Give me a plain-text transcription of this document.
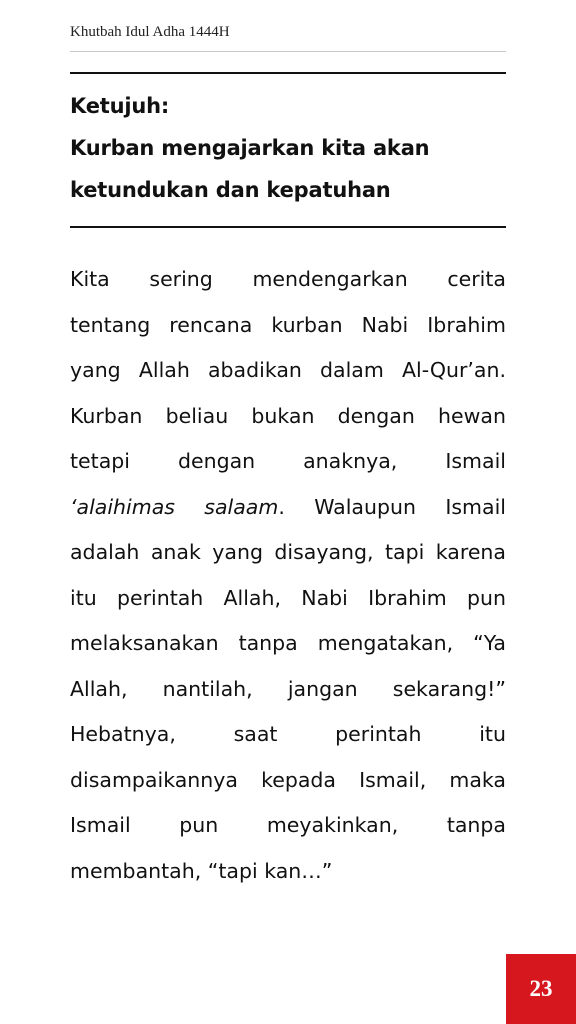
Khutbah Idul Adha 1444H
Ketujuh:
Kurban mengajarkan kita akan
ketundukan dan kepatuhan
Kita sering mendengarkan cerita
tentang rencana kurban Nabi Ibrahim
yang Allah abadikan dalam Al-Qur’an.
Kurban beliau bukan dengan hewan
tetapi dengan anaknya, Ismail
‘alaihimas salaam. Walaupun Ismail
adalah anak yang disayang, tapi karena
itu perintah Allah, Nabi Ibrahim pun
melaksanakan tanpa mengatakan, “Ya
Allah, nantilah, jangan sekarang!”
Hebatnya,	saat	perintah	itu
disampaikannya kepada Ismail, maka
Ismail pun meyakinkan, tanpa
membantah, “tapi kan…”
23
